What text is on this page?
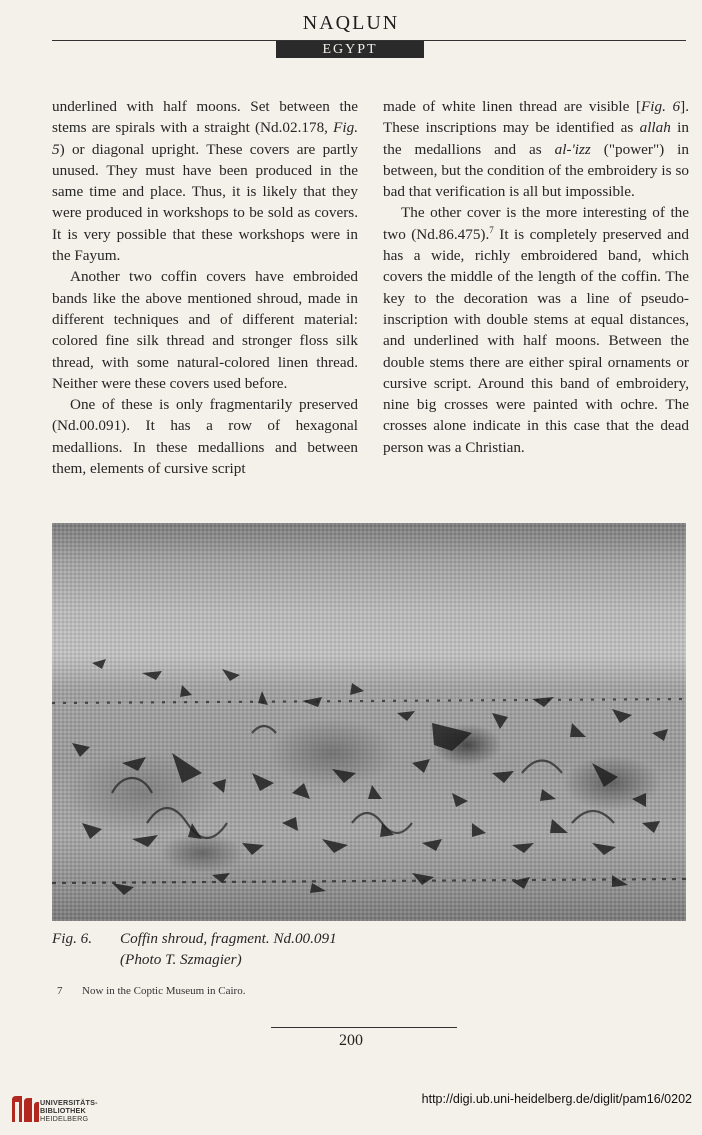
NAQLUN
EGYPT

underlined with half moons. Set between the stems are spirals with a straight (Nd.02.178, Fig. 5) or diagonal upright. These covers are partly unused. They must have been produced in the same time and place. Thus, it is likely that they were produced in workshops to be sold as covers. It is very possible that these workshops were in the Fayum.

Another two coffin covers have embroided bands like the above mentioned shroud, made in different techniques and of different material: colored fine silk thread and stronger floss silk thread, with some natural-colored linen thread. Neither were these covers used before.

One of these is only fragmentarily preserved (Nd.00.091). It has a row of hexagonal medallions. In these medallions and between them, elements of cursive script

made of white linen thread are visible [Fig. 6]. These inscriptions may be identified as allah in the medallions and as al-'izz ("power") in between, but the condition of the embroidery is so bad that verification is all but impossible.

The other cover is the more interesting of the two (Nd.86.475).$^7$ It is completely preserved and has a wide, richly embroidered band, which covers the middle of the length of the coffin. The key to the decoration was a line of pseudo-inscription with double stems at equal distances, and underlined with half moons. Between the double stems there are either spiral ornaments or cursive script. Around this band of embroidery, nine big crosses were painted with ochre. The crosses alone indicate in this case that the dead person was a Christian.

Fig. 6. Coffin shroud, fragment. Nd.00.091
(Photo T. Szmagier)
7 Now in the Coptic Museum in Cairo.
200
UNIVERSITÄTS-
BIBLIOTHEK
HEIDELBERG
http://digi.ub.uni-heidelberg.de/diglit/pam16/0202
